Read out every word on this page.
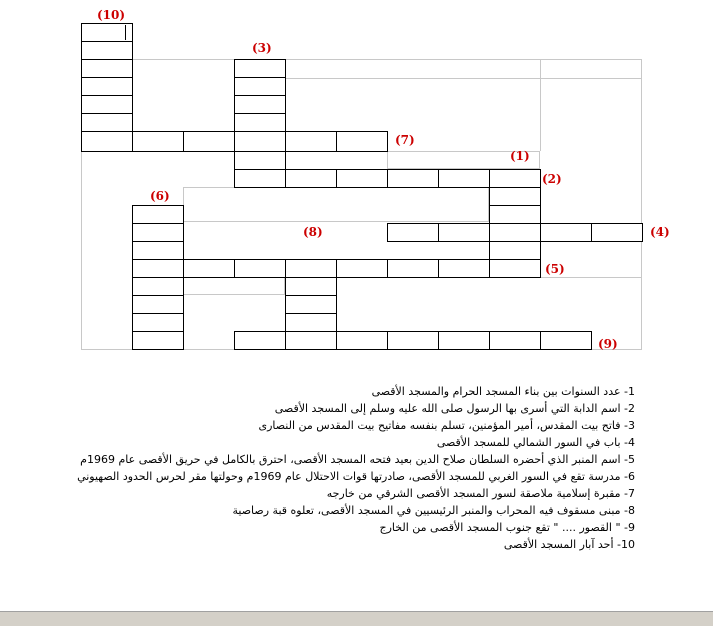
(10)
(3)
(7)
(1)
(2)
(6)
(8)	(4)
(5)
(9)
1- عدد السنوات بين بناء المسجد الحرام والمسجد الأقصى
2- اسم الدابة التي أسرى بها الرسول صلى الله عليه وسلم إلى المسجد الأقصى
3- فاتح بيت المقدس، أمير المؤمنين، تسلم بنفسه مفاتيح بيت المقدس من النصارى
4- باب في السور الشمالي للمسجد الأقصى
5- اسم المنبر الذي أحضره السلطان صلاح الدين بعيد فتحه المسجد الأقصى، احترق بالكامل في حريق الأقصى عام 1969م
6- مدرسة تقع في السور الغربي للمسجد الأقصى، صادرتها قوات الاحتلال عام 1969م وحولتها مقر لحرس الحدود الصهيوني
7- مقبرة إسلامية ملاصقة لسور المسجد الأقصى الشرقي من خارجه
8- مبنى مسقوف فيه المحراب والمنبر الرئيسيين في المسجد الأقصى، تعلوه قبة رصاصية
9- " القصور .... " تقع جنوب المسجد الأقصى من الخارج
10- أحد آبار المسجد الأقصى
